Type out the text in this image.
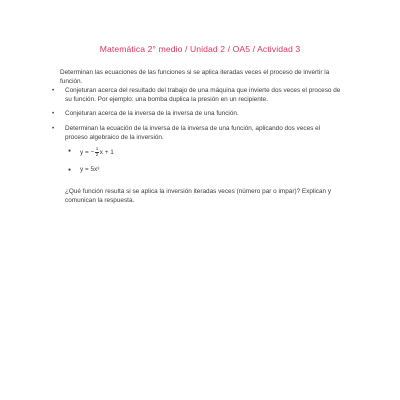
Matemática 2° medio / Unidad 2 / OA5 / Actividad 3
Determinan las ecuaciones de las funciones si se aplica iteradas veces el proceso de invertir la función.
• Conjeturan acerca del resultado del trabajo de una máquina que invierte dos veces el proceso de su función. Por ejemplo: una bomba duplica la presión en un recipiente.
• Conjeturan acerca de la inversa de la inversa de una función.
• Determinan la ecuación de la inversa de la inversa de una función, aplicando dos veces el proceso algebraico de la inversión.
● y = − $\frac{1}{2}$ x + 1
● y = 5x³
¿Qué función resulta si se aplica la inversión iteradas veces (número par o impar)? Explican y comunican la respuesta.
